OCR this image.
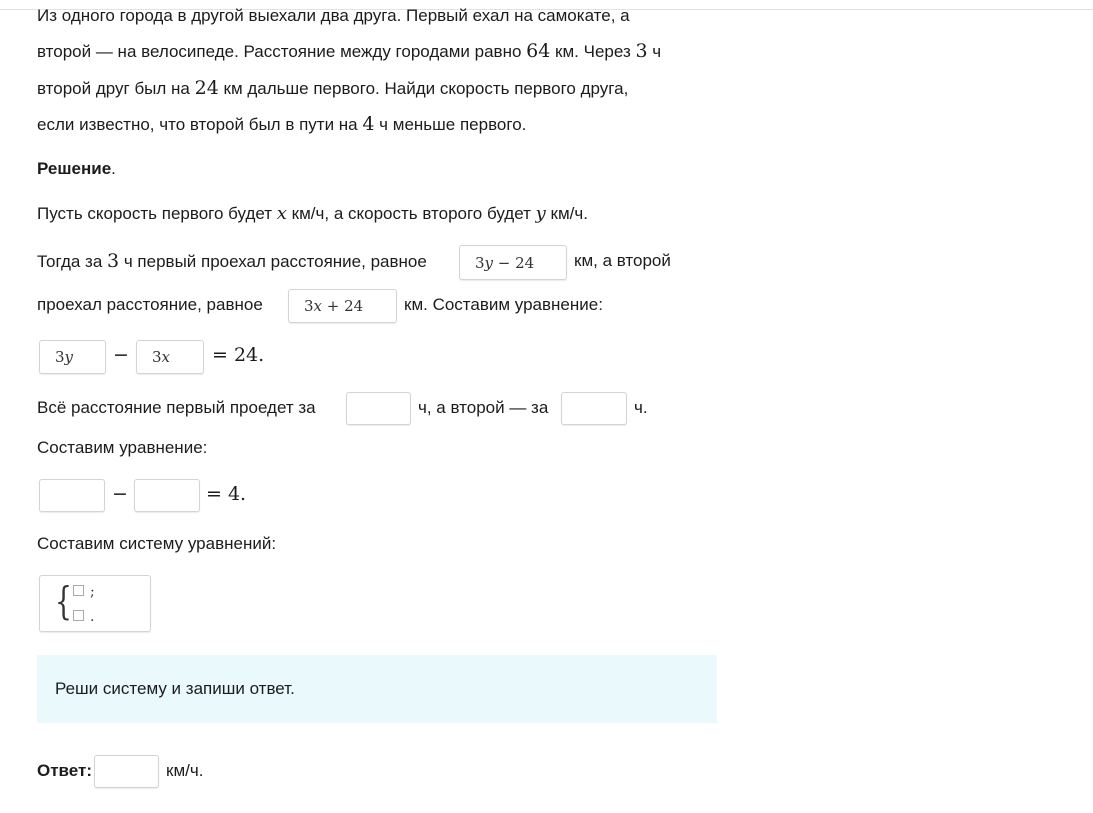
Из одного города в другой выехали два друга. Первый ехал на самокате, а
второй — на велосипеде. Расстояние между городами равно 64 км. Через 3 ч
второй друг был на 24 км дальше первого. Найди скорость первого друга,
если известно, что второй был в пути на 4 ч меньше первого.
Решение.
Пусть скорость первого будет x км/ч, а скорость второго будет y км/ч.
Тогда за 3 ч первый проехал расстояние, равное	3y − 24 км, а второй
проехал расстояние, равное	3x + 24 км. Составим уравнение:
3y − 3x = 24.
Всё расстояние первый проедет за	ч, а второй — за	ч.
Составим уравнение:
−	= 4.
Составим систему уравнений:
{ ;
.
Реши систему и запиши ответ.
Ответ:	км/ч.
